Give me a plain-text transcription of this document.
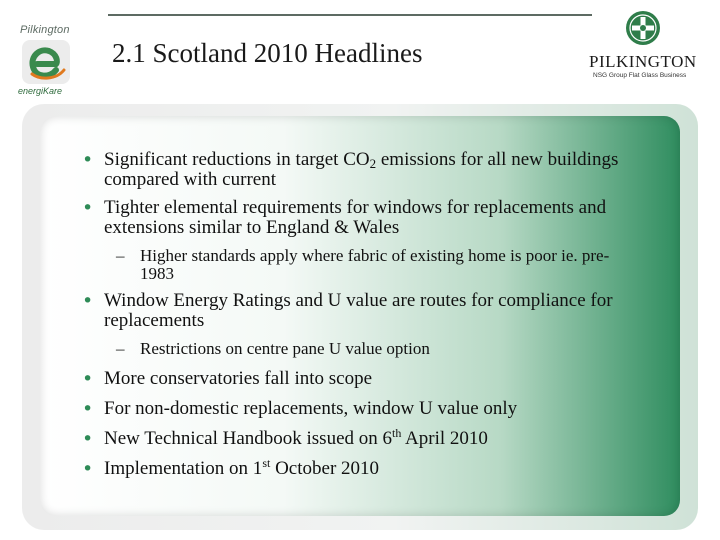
2.1 Scotland 2010 Headlines
Pilkington
energiKare
PILKINGTON
NSG Group Flat Glass Business
• Significant reductions in target $CO_2$ emissions for all new buildings compared with current
• Tighter elemental requirements for windows for replacements and extensions similar to England & Wales
– Higher standards apply where fabric of existing home is poor ie. pre-1983
• Window Energy Ratings and U value are routes for compliance for replacements
– Restrictions on centre pane U value option
• More conservatories fall into scope
• For non-domestic replacements, window U value only
• New Technical Handbook issued on 6th April 2010
• Implementation on 1st October 2010
